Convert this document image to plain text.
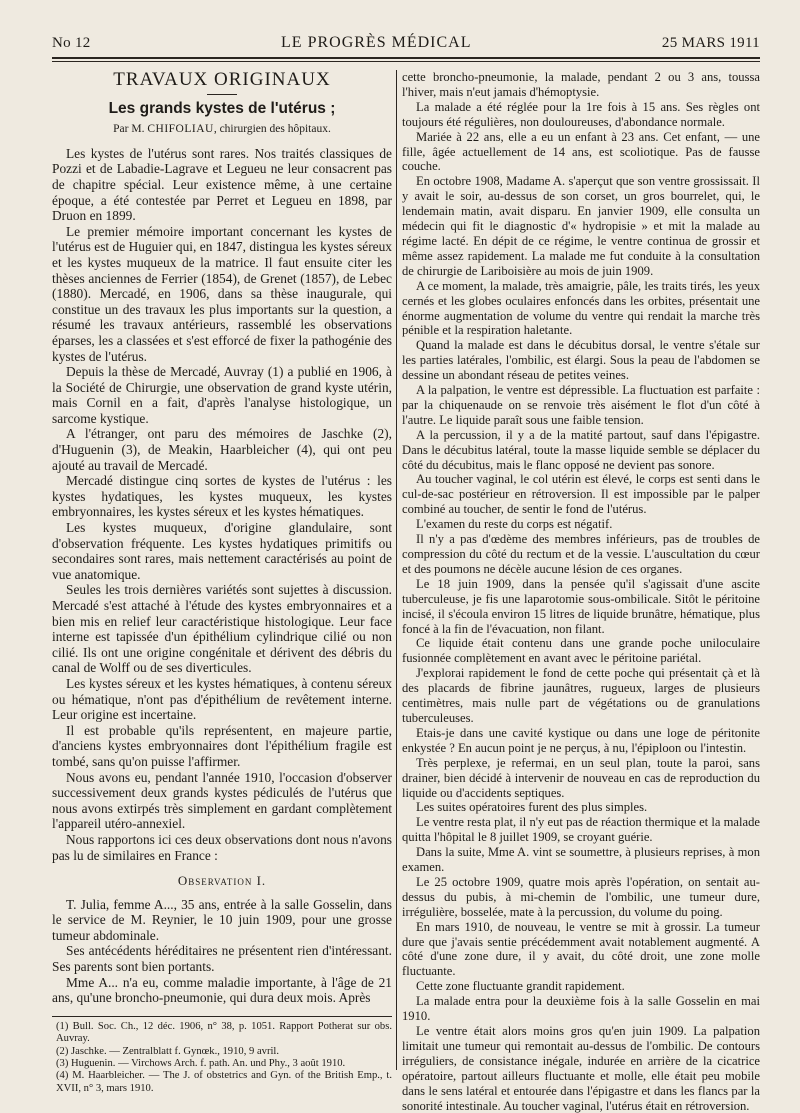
No 12	LE PROGRÈS MÉDICAL	25 MARS 1911
TRAVAUX ORIGINAUX
Les grands kystes de l'utérus ;
Par M. CHIFOLIAU, chirurgien des hôpitaux.

Les kystes de l'utérus sont rares. Nos traités classiques de Pozzi et de Labadie-Lagrave et Legueu ne leur consacrent pas de chapitre spécial. Leur existence même, à une certaine époque, a été contestée par Perret et Legueu en 1898, par Druon en 1899.

Le premier mémoire important concernant les kystes de l'utérus est de Huguier qui, en 1847, distingua les kystes séreux et les kystes muqueux de la matrice. Il faut ensuite citer les thèses anciennes de Ferrier (1854), de Grenet (1857), de Lebec (1880). Mercadé, en 1906, dans sa thèse inaugurale, qui constitue un des travaux les plus importants sur la question, a résumé les travaux antérieurs, rassemblé les observations éparses, les a classées et s'est efforcé de fixer la pathogénie des kystes de l'utérus.

Depuis la thèse de Mercadé, Auvray (1) a publié en 1906, à la Société de Chirurgie, une observation de grand kyste utérin, mais Cornil en a fait, d'après l'analyse histologique, un sarcome kystique.

A l'étranger, ont paru des mémoires de Jaschke (2), d'Huguenin (3), de Meakin, Haarbleicher (4), qui ont peu ajouté au travail de Mercadé.

Mercadé distingue cinq sortes de kystes de l'utérus : les kystes hydatiques, les kystes muqueux, les kystes embryonnaires, les kystes séreux et les kystes hématiques.

Les kystes muqueux, d'origine glandulaire, sont d'observation fréquente. Les kystes hydatiques primitifs ou secondaires sont rares, mais nettement caractérisés au point de vue anatomique.

Seules les trois dernières variétés sont sujettes à discussion. Mercadé s'est attaché à l'étude des kystes embryonnaires et a bien mis en relief leur caractéristique histologique. Leur face interne est tapissée d'un épithélium cylindrique cilié ou non cilié. Ils ont une origine congénitale et dérivent des débris du canal de Wolff ou de ses diverticules.

Les kystes séreux et les kystes hématiques, à contenu séreux ou hématique, n'ont pas d'épithélium de revêtement interne. Leur origine est incertaine.

Il est probable qu'ils représentent, en majeure partie, d'anciens kystes embryonnaires dont l'épithélium fragile est tombé, sans qu'on puisse l'affirmer.

Nous avons eu, pendant l'année 1910, l'occasion d'observer successivement deux grands kystes pédiculés de l'utérus que nous avons extirpés très simplement en gardant complètement l'appareil utéro-annexiel.

Nous rapportons ici ces deux observations dont nous n'avons pas lu de similaires en France :

Observation I.

T. Julia, femme A..., 35 ans, entrée à la salle Gosselin, dans le service de M. Reynier, le 10 juin 1909, pour une grosse tumeur abdominale.

Ses antécédents héréditaires ne présentent rien d'intéressant. Ses parents sont bien portants.

Mme A... n'a eu, comme maladie importante, à l'âge de 21 ans, qu'une broncho-pneumonie, qui dura deux mois. Après

(1) Bull. Soc. Ch., 12 déc. 1906, n° 38, p. 1051. Rapport Potherat sur obs. Auvray.
(2) Jaschke. — Zentralblatt f. Gynœk., 1910, 9 avril.
(3) Huguenin. — Virchows Arch. f. path. An. und Phy., 3 août 1910.
(4) M. Haarbleicher. — The J. of obstetrics and Gyn. of the British Emp., t. XVII, n° 3, mars 1910.

cette broncho-pneumonie, la malade, pendant 2 ou 3 ans, toussa l'hiver, mais n'eut jamais d'hémoptysie.

La malade a été réglée pour la 1re fois à 15 ans. Ses règles ont toujours été régulières, non douloureuses, d'abondance normale.

Mariée à 22 ans, elle a eu un enfant à 23 ans. Cet enfant, — une fille, âgée actuellement de 14 ans, est scoliotique. Pas de fausse couche.

En octobre 1908, Madame A. s'aperçut que son ventre grossissait. Il y avait le soir, au-dessus de son corset, un gros bourrelet, qui, le lendemain matin, avait disparu. En janvier 1909, elle consulta un médecin qui fit le diagnostic d'« hydropisie » et mit la malade au régime lacté. En dépit de ce régime, le ventre continua de grossir et même assez rapidement. La malade me fut conduite à la consultation de chirurgie de Lariboisière au mois de juin 1909.

A ce moment, la malade, très amaigrie, pâle, les traits tirés, les yeux cernés et les globes oculaires enfoncés dans les orbites, présentait une énorme augmentation de volume du ventre qui rendait la marche très pénible et la respiration haletante.

Quand la malade est dans le décubitus dorsal, le ventre s'étale sur les parties latérales, l'ombilic, est élargi. Sous la peau de l'abdomen se dessine un abondant réseau de petites veines.

A la palpation, le ventre est dépressible. La fluctuation est parfaite : par la chiquenaude on se renvoie très aisément le flot d'un côté à l'autre. Le liquide paraît sous une faible tension.

A la percussion, il y a de la matité partout, sauf dans l'épigastre. Dans le décubitus latéral, toute la masse liquide semble se déplacer du côté du décubitus, mais le flanc opposé ne devient pas sonore.

Au toucher vaginal, le col utérin est élevé, le corps est senti dans le cul-de-sac postérieur en rétroversion. Il est impossible par le palper combiné au toucher, de sentir le fond de l'utérus.

L'examen du reste du corps est négatif.

Il n'y a pas d'œdème des membres inférieurs, pas de troubles de compression du côté du rectum et de la vessie. L'auscultation du cœur et des poumons ne décèle aucune lésion de ces organes.

Le 18 juin 1909, dans la pensée qu'il s'agissait d'une ascite tuberculeuse, je fis une laparotomie sous-ombilicale. Sitôt le péritoine incisé, il s'écoula environ 15 litres de liquide brunâtre, hématique, plus foncé à la fin de l'évacuation, non filant.

Ce liquide était contenu dans une grande poche uniloculaire fusionnée complètement en avant avec le péritoine pariétal.

J'explorai rapidement le fond de cette poche qui présentait çà et là des placards de fibrine jaunâtres, rugueux, larges de plusieurs centimètres, mais nulle part de végétations ou de granulations tuberculeuses.

Etais-je dans une cavité kystique ou dans une loge de péritonite enkystée ? En aucun point je ne perçus, à nu, l'épiploon ou l'intestin.

Très perplexe, je refermai, en un seul plan, toute la paroi, sans drainer, bien décidé à intervenir de nouveau en cas de reproduction du liquide ou d'accidents septiques.

Les suites opératoires furent des plus simples.

Le ventre resta plat, il n'y eut pas de réaction thermique et la malade quitta l'hôpital le 8 juillet 1909, se croyant guérie.

Dans la suite, Mme A. vint se soumettre, à plusieurs reprises, à mon examen.

Le 25 octobre 1909, quatre mois après l'opération, on sentait au-dessus du pubis, à mi-chemin de l'ombilic, une tumeur dure, irrégulière, bosselée, mate à la percussion, du volume du poing.

En mars 1910, de nouveau, le ventre se mit à grossir. La tumeur dure que j'avais sentie précédemment avait notablement augmenté. A côté d'une zone dure, il y avait, du côté droit, une zone molle fluctuante.

Cette zone fluctuante grandit rapidement.

La malade entra pour la deuxième fois à la salle Gosselin en mai 1910.

Le ventre était alors moins gros qu'en juin 1909. La palpation limitait une tumeur qui remontait au-dessus de l'ombilic. De contours irréguliers, de consistance inégale, indurée en arrière de la cicatrice opératoire, partout ailleurs fluctuante et molle, elle était peu mobile dans le sens latéral et entourée dans l'épigastre et dans les flancs par la sonorité intestinale. Au toucher vaginal, l'utérus était en rétroversion.
